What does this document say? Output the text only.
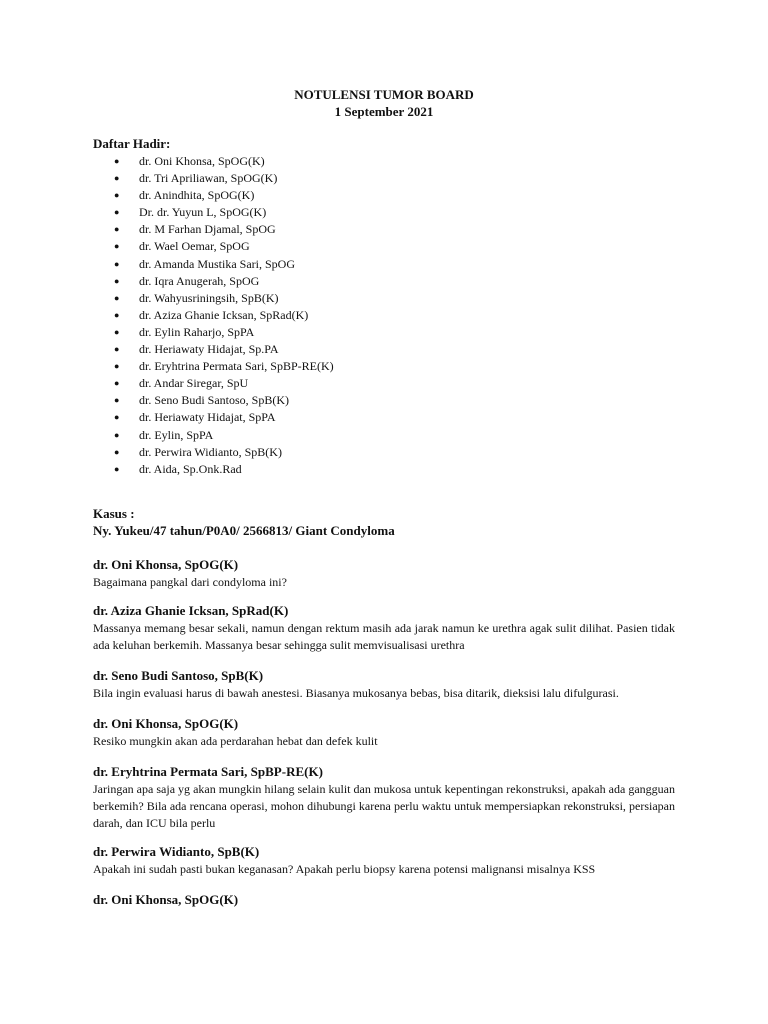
NOTULENSI TUMOR BOARD
1 September 2021
Daftar Hadir:
● dr. Oni Khonsa, SpOG(K)
● dr. Tri Apriliawan, SpOG(K)
● dr. Anindhita, SpOG(K)
● Dr. dr. Yuyun L, SpOG(K)
● dr. M Farhan Djamal, SpOG
● dr. Wael Oemar, SpOG
● dr. Amanda Mustika Sari, SpOG
● dr. Iqra Anugerah, SpOG
● dr. Wahyusriningsih, SpB(K)
● dr. Aziza Ghanie Icksan, SpRad(K)
● dr. Eylin Raharjo, SpPA
● dr. Heriawaty Hidajat, Sp.PA
● dr. Eryhtrina Permata Sari, SpBP-RE(K)
● dr. Andar Siregar, SpU
● dr. Seno Budi Santoso, SpB(K)
● dr. Heriawaty Hidajat, SpPA
● dr. Eylin, SpPA
● dr. Perwira Widianto, SpB(K)
● dr. Aida, Sp.Onk.Rad
Kasus :
Ny. Yukeu/47 tahun/P0A0/ 2566813/ Giant Condyloma
dr. Oni Khonsa, SpOG(K)
Bagaimana pangkal dari condyloma ini?
dr. Aziza Ghanie Icksan, SpRad(K)
Massanya memang besar sekali, namun dengan rektum masih ada jarak namun ke urethra agak sulit dilihat. Pasien tidak ada keluhan berkemih. Massanya besar sehingga sulit memvisualisasi urethra
dr. Seno Budi Santoso, SpB(K)
Bila ingin evaluasi harus di bawah anestesi. Biasanya mukosanya bebas, bisa ditarik, dieksisi lalu difulgurasi.
dr. Oni Khonsa, SpOG(K)
Resiko mungkin akan ada perdarahan hebat dan defek kulit
dr. Eryhtrina Permata Sari, SpBP-RE(K)
Jaringan apa saja yg akan mungkin hilang selain kulit dan mukosa untuk kepentingan rekonstruksi, apakah ada gangguan berkemih? Bila ada rencana operasi, mohon dihubungi karena perlu waktu untuk mempersiapkan rekonstruksi, persiapan darah, dan ICU bila perlu
dr. Perwira Widianto, SpB(K)
Apakah ini sudah pasti bukan keganasan? Apakah perlu biopsy karena potensi malignansi misalnya KSS
dr. Oni Khonsa, SpOG(K)
